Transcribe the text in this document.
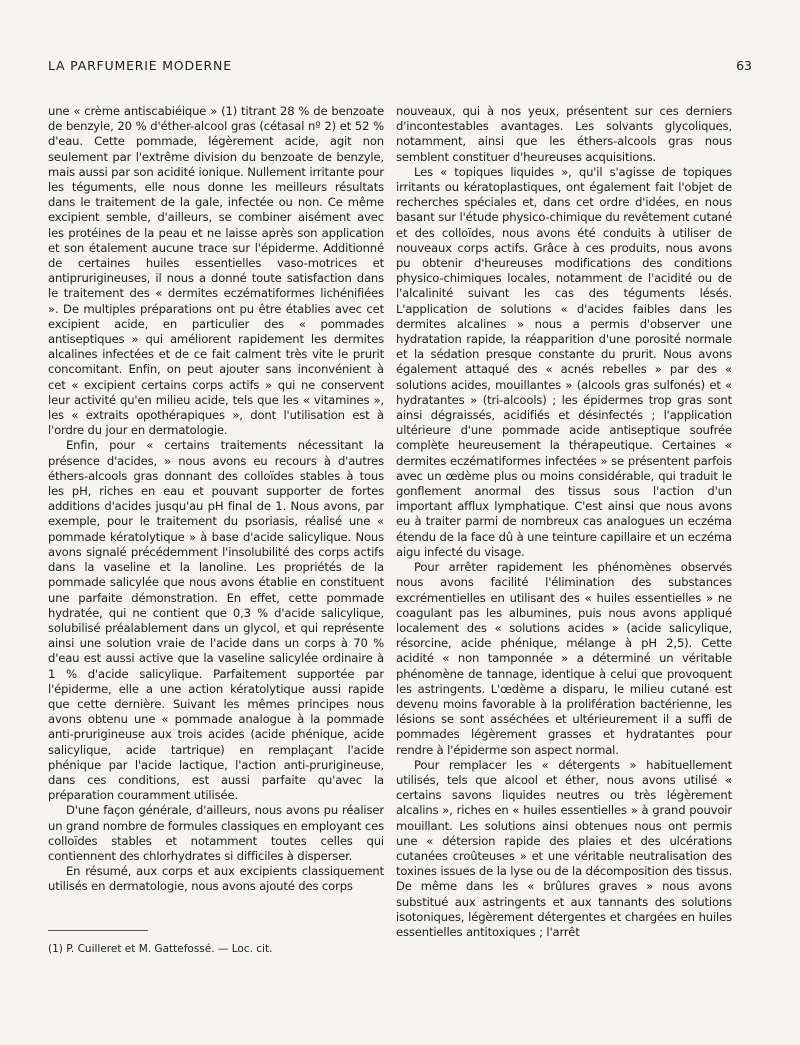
LA PARFUMERIE MODERNE	63

une « crème antiscabiéique » (1) titrant 28 % de benzoate de benzyle, 20 % d'éther-alcool gras (cétasal nº 2) et 52 % d'eau. Cette pommade, légèrement acide, agit non seulement par l'extrême division du benzoate de benzyle, mais aussi par son acidité ionique. Nullement irritante pour les téguments, elle nous donne les meilleurs résultats dans le traitement de la gale, infectée ou non. Ce même excipient semble, d'ailleurs, se combiner aisément avec les protéines de la peau et ne laisse après son application et son étalement aucune trace sur l'épiderme. Additionné de certaines huiles essentielles vaso-motrices et antiprurigineuses, il nous a donné toute satisfaction dans le traitement des « dermites eczématiformes lichénifiées ». De multiples préparations ont pu être établies avec cet excipient acide, en particulier des « pommades antiseptiques » qui améliorent rapidement les dermites alcalines infectées et de ce fait calment très vite le prurit concomitant. Enfin, on peut ajouter sans inconvénient à cet « excipient certains corps actifs » qui ne conservent leur activité qu'en milieu acide, tels que les « vitamines », les « extraits opothérapiques », dont l'utilisation est à l'ordre du jour en dermatologie.

Enfin, pour « certains traitements nécessitant la présence d'acides, » nous avons eu recours à d'autres éthers-alcools gras donnant des colloïdes stables à tous les pH, riches en eau et pouvant supporter de fortes additions d'acides jusqu'au pH final de 1. Nous avons, par exemple, pour le traitement du psoriasis, réalisé une « pommade kératolytique » à base d'acide salicylique. Nous avons signalé précédemment l'insolubilité des corps actifs dans la vaseline et la lanoline. Les propriétés de la pommade salicylée que nous avons établie en constituent une parfaite démonstration. En effet, cette pommade hydratée, qui ne contient que 0,3 % d'acide salicylique, solubilisé préalablement dans un glycol, et qui représente ainsi une solution vraie de l'acide dans un corps à 70 % d'eau est aussi active que la vaseline salicylée ordinaire à 1 % d'acide salicylique. Parfaitement supportée par l'épiderme, elle a une action kératolytique aussi rapide que cette dernière. Suivant les mêmes principes nous avons obtenu une « pommade analogue à la pommade anti-prurigineuse aux trois acides (acide phénique, acide salicylique, acide tartrique) en remplaçant l'acide phénique par l'acide lactique, l'action anti-prurigineuse, dans ces conditions, est aussi parfaite qu'avec la préparation couramment utilisée.

D'une façon générale, d'ailleurs, nous avons pu réaliser un grand nombre de formules classiques en employant ces colloïdes stables et notamment toutes celles qui contiennent des chlorhydrates si difficiles à disperser.

En résumé, aux corps et aux excipients classiquement utilisés en dermatologie, nous avons ajouté des corps

(1) P. Cuilleret et M. Gattefossé. — Loc. cit.

nouveaux, qui à nos yeux, présentent sur ces derniers d'incontestables avantages. Les solvants glycoliques, notamment, ainsi que les éthers-alcools gras nous semblent constituer d'heureuses acquisitions.

Les « topiques liquides », qu'il s'agisse de topiques irritants ou kératoplastiques, ont également fait l'objet de recherches spéciales et, dans cet ordre d'idées, en nous basant sur l'étude physico-chimique du revêtement cutané et des colloïdes, nous avons été conduits à utiliser de nouveaux corps actifs. Grâce à ces produits, nous avons pu obtenir d'heureuses modifications des conditions physico-chimiques locales, notamment de l'acidité ou de l'alcalinité suivant les cas des téguments lésés. L'application de solutions « d'acides faibles dans les dermites alcalines » nous a permis d'observer une hydratation rapide, la réapparition d'une porosité normale et la sédation presque constante du prurit. Nous avons également attaqué des « acnés rebelles » par des « solutions acides, mouillantes » (alcools gras sulfonés) et « hydratantes » (tri-alcools) ; les épidermes trop gras sont ainsi dégraissés, acidifiés et désinfectés ; l'application ultérieure d'une pommade acide antiseptique soufrée complète heureusement la thérapeutique. Certaines « dermites eczématiformes infectées » se présentent parfois avec un œdème plus ou moins considérable, qui traduit le gonflement anormal des tissus sous l'action d'un important afflux lymphatique. C'est ainsi que nous avons eu à traiter parmi de nombreux cas analogues un eczéma étendu de la face dû à une teinture capillaire et un eczéma aigu infecté du visage.

Pour arrêter rapidement les phénomènes observés nous avons facilité l'élimination des substances excrémentielles en utilisant des « huiles essentielles » ne coagulant pas les albumines, puis nous avons appliqué localement des « solutions acides » (acide salicylique, résorcine, acide phénique, mélange à pH 2,5). Cette acidité « non tamponnée » a déterminé un véritable phénomène de tannage, identique à celui que provoquent les astringents. L'œdème a disparu, le milieu cutané est devenu moins favorable à la prolifération bactérienne, les lésions se sont asséchées et ultérieurement il a suffi de pommades légèrement grasses et hydratantes pour rendre à l'épiderme son aspect normal.

Pour remplacer les « détergents » habituellement utilisés, tels que alcool et éther, nous avons utilisé « certains savons liquides neutres ou très légèrement alcalins », riches en « huiles essentielles » à grand pouvoir mouillant. Les solutions ainsi obtenues nous ont permis une « détersion rapide des plaies et des ulcérations cutanées croûteuses » et une véritable neutralisation des toxines issues de la lyse ou de la décomposition des tissus. De même dans les « brûlures graves » nous avons substitué aux astringents et aux tannants des solutions isotoniques, légèrement détergentes et chargées en huiles essentielles antitoxiques ; l'arrêt
